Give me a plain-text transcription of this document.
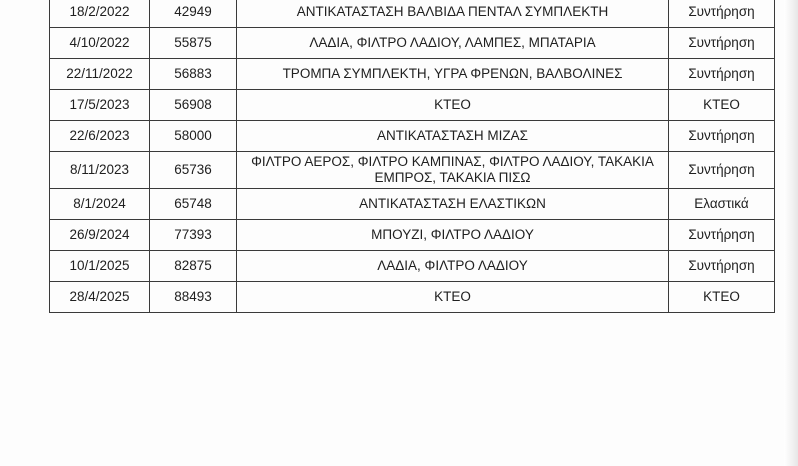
18/2/2022	42949	ΑΝΤΙΚΑΤΑΣΤΑΣΗ ΒΑΛΒΙΔΑ ΠΕΝΤΑΛ ΣΥΜΠΛΕΚΤΗ	Συντήρηση
4/10/2022	55875	ΛΑΔΙΑ, ΦΙΛΤΡΟ ΛΑΔΙΟΥ, ΛΑΜΠΕΣ, ΜΠΑΤΑΡΙΑ	Συντήρηση
22/11/2022	56883	ΤΡΟΜΠΑ ΣΥΜΠΛΕΚΤΗ, ΥΓΡΑ ΦΡΕΝΩΝ, ΒΑΛΒΟΛΙΝΕΣ	Συντήρηση
17/5/2023	56908	ΚΤΕΟ	ΚΤΕΟ
22/6/2023	58000	ΑΝΤΙΚΑΤΑΣΤΑΣΗ ΜΙΖΑΣ	Συντήρηση
8/11/2023	65736	ΦΙΛΤΡΟ ΑΕΡΟΣ, ΦΙΛΤΡΟ ΚΑΜΠΙΝΑΣ, ΦΙΛΤΡΟ ΛΑΔΙΟΥ, ΤΑΚΑΚΙΑ ΕΜΠΡΟΣ, ΤΑΚΑΚΙΑ ΠΙΣΩ	Συντήρηση
8/1/2024	65748	ΑΝΤΙΚΑΤΑΣΤΑΣΗ ΕΛΑΣΤΙΚΩΝ	Ελαστικά
26/9/2024	77393	ΜΠΟΥΖΙ, ΦΙΛΤΡΟ ΛΑΔΙΟΥ	Συντήρηση
10/1/2025	82875	ΛΑΔΙΑ, ΦΙΛΤΡΟ ΛΑΔΙΟΥ	Συντήρηση
28/4/2025	88493	ΚΤΕΟ	ΚΤΕΟ
